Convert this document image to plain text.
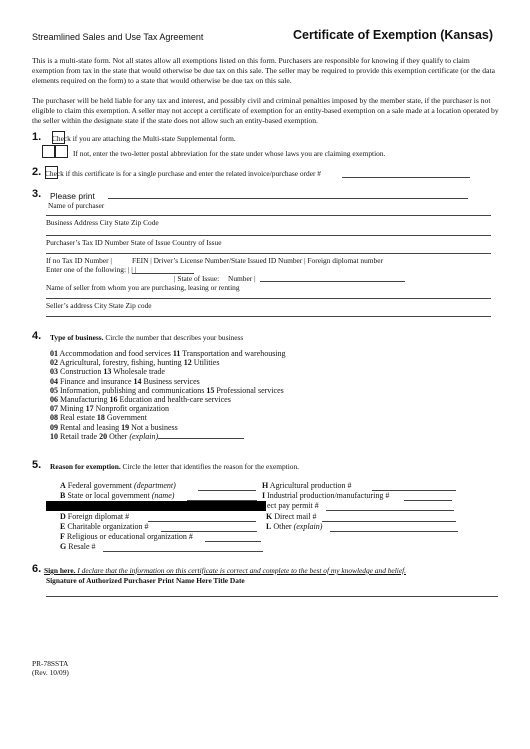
Streamlined Sales and Use Tax Agreement	Certificate of Exemption (Kansas)
This is a multi-state form. Not all states allow all exemptions listed on this form. Purchasers are responsible for knowing if they qualify to claim exemption from tax in the state that would otherwise be due tax on this sale. The seller may be required to provide this exemption certificate (or the data elements required on the form) to a state that would otherwise be due tax on this sale.
The purchaser will be held liable for any tax and interest, and possibly civil and criminal penalties imposed by the member state, if the purchaser is not eligible to claim this exemption. A seller may not accept a certificate of exemption for an entity-based exemption on a sale made at a location operated by the seller within the designate state if the state does not allow such an entity-based exemption.
1. Check if you are attaching the Multi-state Supplemental form.
If not, enter the two-letter postal abbreviation for the state under whose laws you are claiming exemption.
2. Check if this certificate is for a single purchase and enter the related invoice/purchase order #
3. Please print
Name of purchaser
Business Address City State Zip Code
Purchaser’s Tax ID Number State of Issue Country of Issue
If no Tax ID Number |	FEIN | Driver’s License Number/State Issued ID Number | Foreign diplomat number
Enter one of the following: | | |
| State of Issue: Number |
Name of seller from whom you are purchasing, leasing or renting
Seller’s address City State Zip code
4. Type of business. Circle the number that describes your business
01 Accommodation and food services 11 Transportation and warehousing
02 Agricultural, forestry, fishing, hunting 12 Utilities
03 Construction 13 Wholesale trade
04 Finance and insurance 14 Business services
05 Information, publishing and communications 15 Professional services
06 Manufacturing 16 Education and health-care services
07 Mining 17 Nonprofit organization
08 Real estate 18 Government
09 Rental and leasing 19 Not a business
10 Retail trade 20 Other (explain)
5. Reason for exemption. Circle the letter that identifies the reason for the exemption.
A Federal government (department)
B State or local government (name)
ect pay permit #
D Foreign diplomat #
E Charitable organization #
F Religious or educational organization #
G Resale #
H Agricultural production #
I Industrial production/manufacturing #
K Direct mail #
L Other (explain)
6. Sign here. I declare that the information on this certificate is correct and complete to the best of my knowledge and belief.
Signature of Authorized Purchaser Print Name Here Title Date
PR-78SSTA
(Rev. 10/09)
